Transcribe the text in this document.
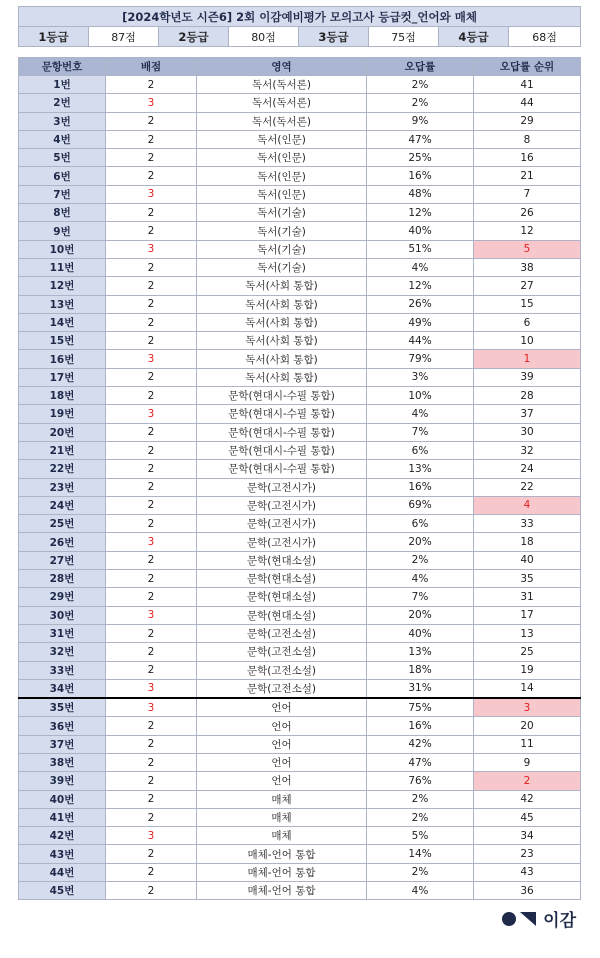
[2024학년도 시즌6] 2회 이감예비평가 모의고사 등급컷_언어와 매체
1등급	87점	2등급	80점	3등급	75점	4등급	68점
문항번호	배점	영역	오답률	오답률 순위
1번	2	독서(독서론)	2%	41
2번	3	독서(독서론)	2%	44
3번	2	독서(독서론)	9%	29
4번	2	독서(인문)	47%	8
5번	2	독서(인문)	25%	16
6번	2	독서(인문)	16%	21
7번	3	독서(인문)	48%	7
8번	2	독서(기술)	12%	26
9번	2	독서(기술)	40%	12
10번	3	독서(기술)	51%	5
11번	2	독서(기술)	4%	38
12번	2	독서(사회 통합)	12%	27
13번	2	독서(사회 통합)	26%	15
14번	2	독서(사회 통합)	49%	6
15번	2	독서(사회 통합)	44%	10
16번	3	독서(사회 통합)	79%	1
17번	2	독서(사회 통합)	3%	39
18번	2	문학(현대시-수필 통합)	10%	28
19번	3	문학(현대시-수필 통합)	4%	37
20번	2	문학(현대시-수필 통합)	7%	30
21번	2	문학(현대시-수필 통합)	6%	32
22번	2	문학(현대시-수필 통합)	13%	24
23번	2	문학(고전시가)	16%	22
24번	2	문학(고전시가)	69%	4
25번	2	문학(고전시가)	6%	33
26번	3	문학(고전시가)	20%	18
27번	2	문학(현대소설)	2%	40
28번	2	문학(현대소설)	4%	35
29번	2	문학(현대소설)	7%	31
30번	3	문학(현대소설)	20%	17
31번	2	문학(고전소설)	40%	13
32번	2	문학(고전소설)	13%	25
33번	2	문학(고전소설)	18%	19
34번	3	문학(고전소설)	31%	14
35번	3	언어	75%	3
36번	2	언어	16%	20
37번	2	언어	42%	11
38번	2	언어	47%	9
39번	2	언어	76%	2
40번	2	매체	2%	42
41번	2	매체	2%	45
42번	3	매체	5%	34
43번	2	매체-언어 통합	14%	23
44번	2	매체-언어 통합	2%	43
45번	2	매체-언어 통합	4%	36
이감
